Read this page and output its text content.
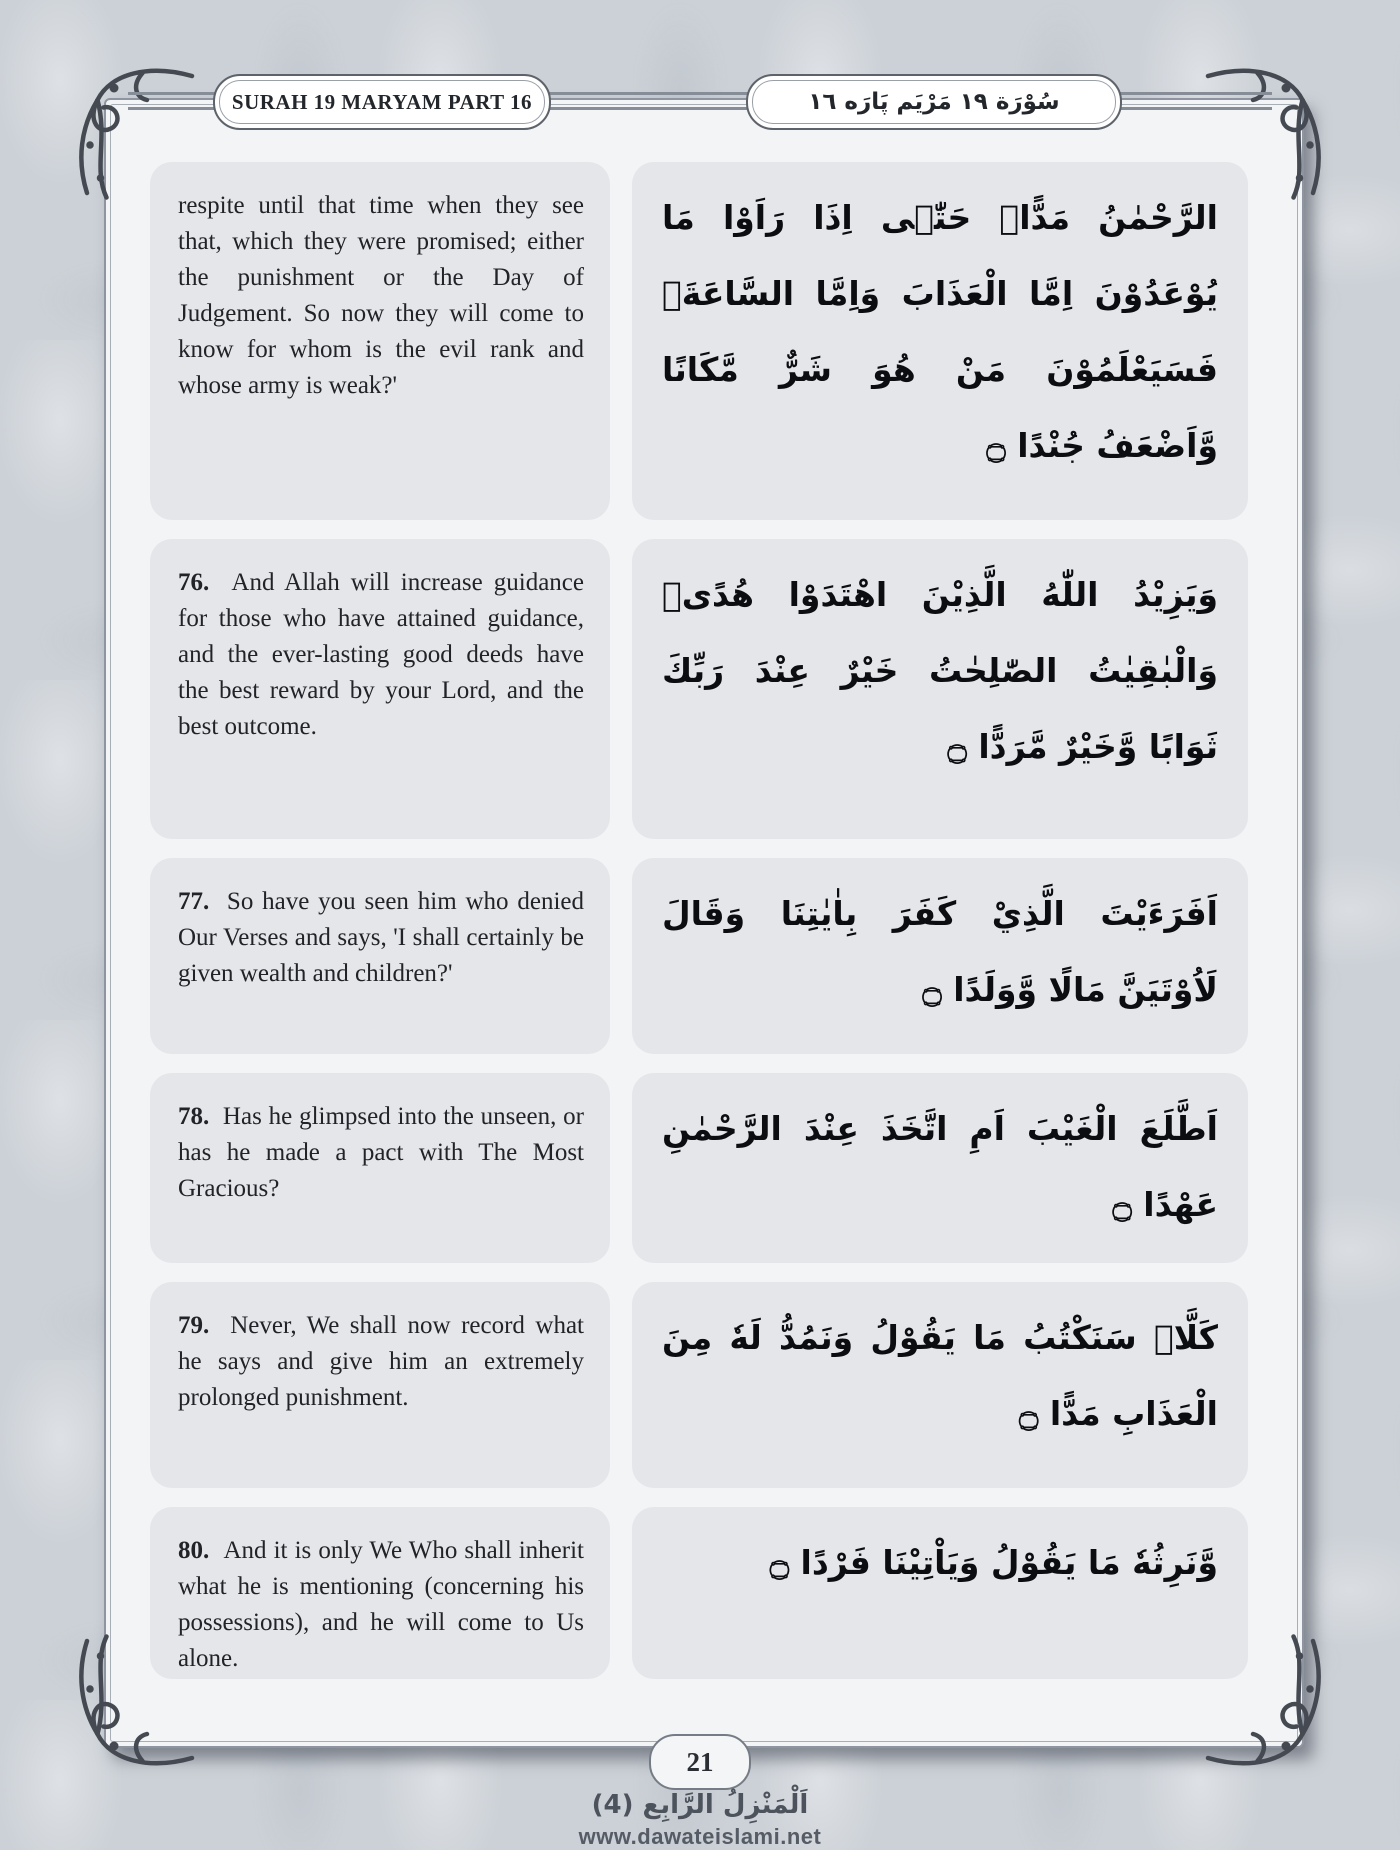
SURAH 19 MARYAM PART 16	سُوْرَة ١٩ مَرْيَم پَارَه ١٦
respite until that time when they see that, which they were promised; either the punishment or the Day of Judgement. So now they will come to know for whom is the evil rank and whose army is weak?'
الرَّحْمٰنُ مَدًّاۚ حَتّٰۤى اِذَا رَاَوْا مَا يُوْعَدُوْنَ اِمَّا الْعَذَابَ وَاِمَّا السَّاعَةَۛ فَسَيَعْلَمُوْنَ مَنْ هُوَ شَرٌّ مَّكَانًا وَّاَضْعَفُ جُنْدًا ۝
76. And Allah will increase guidance for those who have attained guidance, and the ever-lasting good deeds have the best reward by your Lord, and the best outcome.
وَيَزِيْدُ اللّٰهُ الَّذِيْنَ اهْتَدَوْا هُدًىۚ وَالْبٰقِيٰتُ الصّٰلِحٰتُ خَيْرٌ عِنْدَ رَبِّكَ ثَوَابًا وَّخَيْرٌ مَّرَدًّا ۝
77. So have you seen him who denied Our Verses and says, 'I shall certainly be given wealth and children?'
اَفَرَءَيْتَ الَّذِيْ كَفَرَ بِاٰيٰتِنَا وَقَالَ لَاُوْتَيَنَّ مَالًا وَّوَلَدًا ۝
78. Has he glimpsed into the unseen, or has he made a pact with The Most Gracious?
اَطَّلَعَ الْغَيْبَ اَمِ اتَّخَذَ عِنْدَ الرَّحْمٰنِ عَهْدًا ۝
79. Never, We shall now record what he says and give him an extremely prolonged punishment.
كَلَّاۛ سَنَكْتُبُ مَا يَقُوْلُ وَنَمُدُّ لَهٗ مِنَ الْعَذَابِ مَدًّا ۝
80. And it is only We Who shall inherit what he is mentioning (concerning his possessions), and he will come to Us alone.
وَّنَرِثُهٗ مَا يَقُوْلُ وَيَاْتِيْنَا فَرْدًا ۝
21
اَلْمَنْزِلُ الرَّابِع (4)
www.dawateislami.net
